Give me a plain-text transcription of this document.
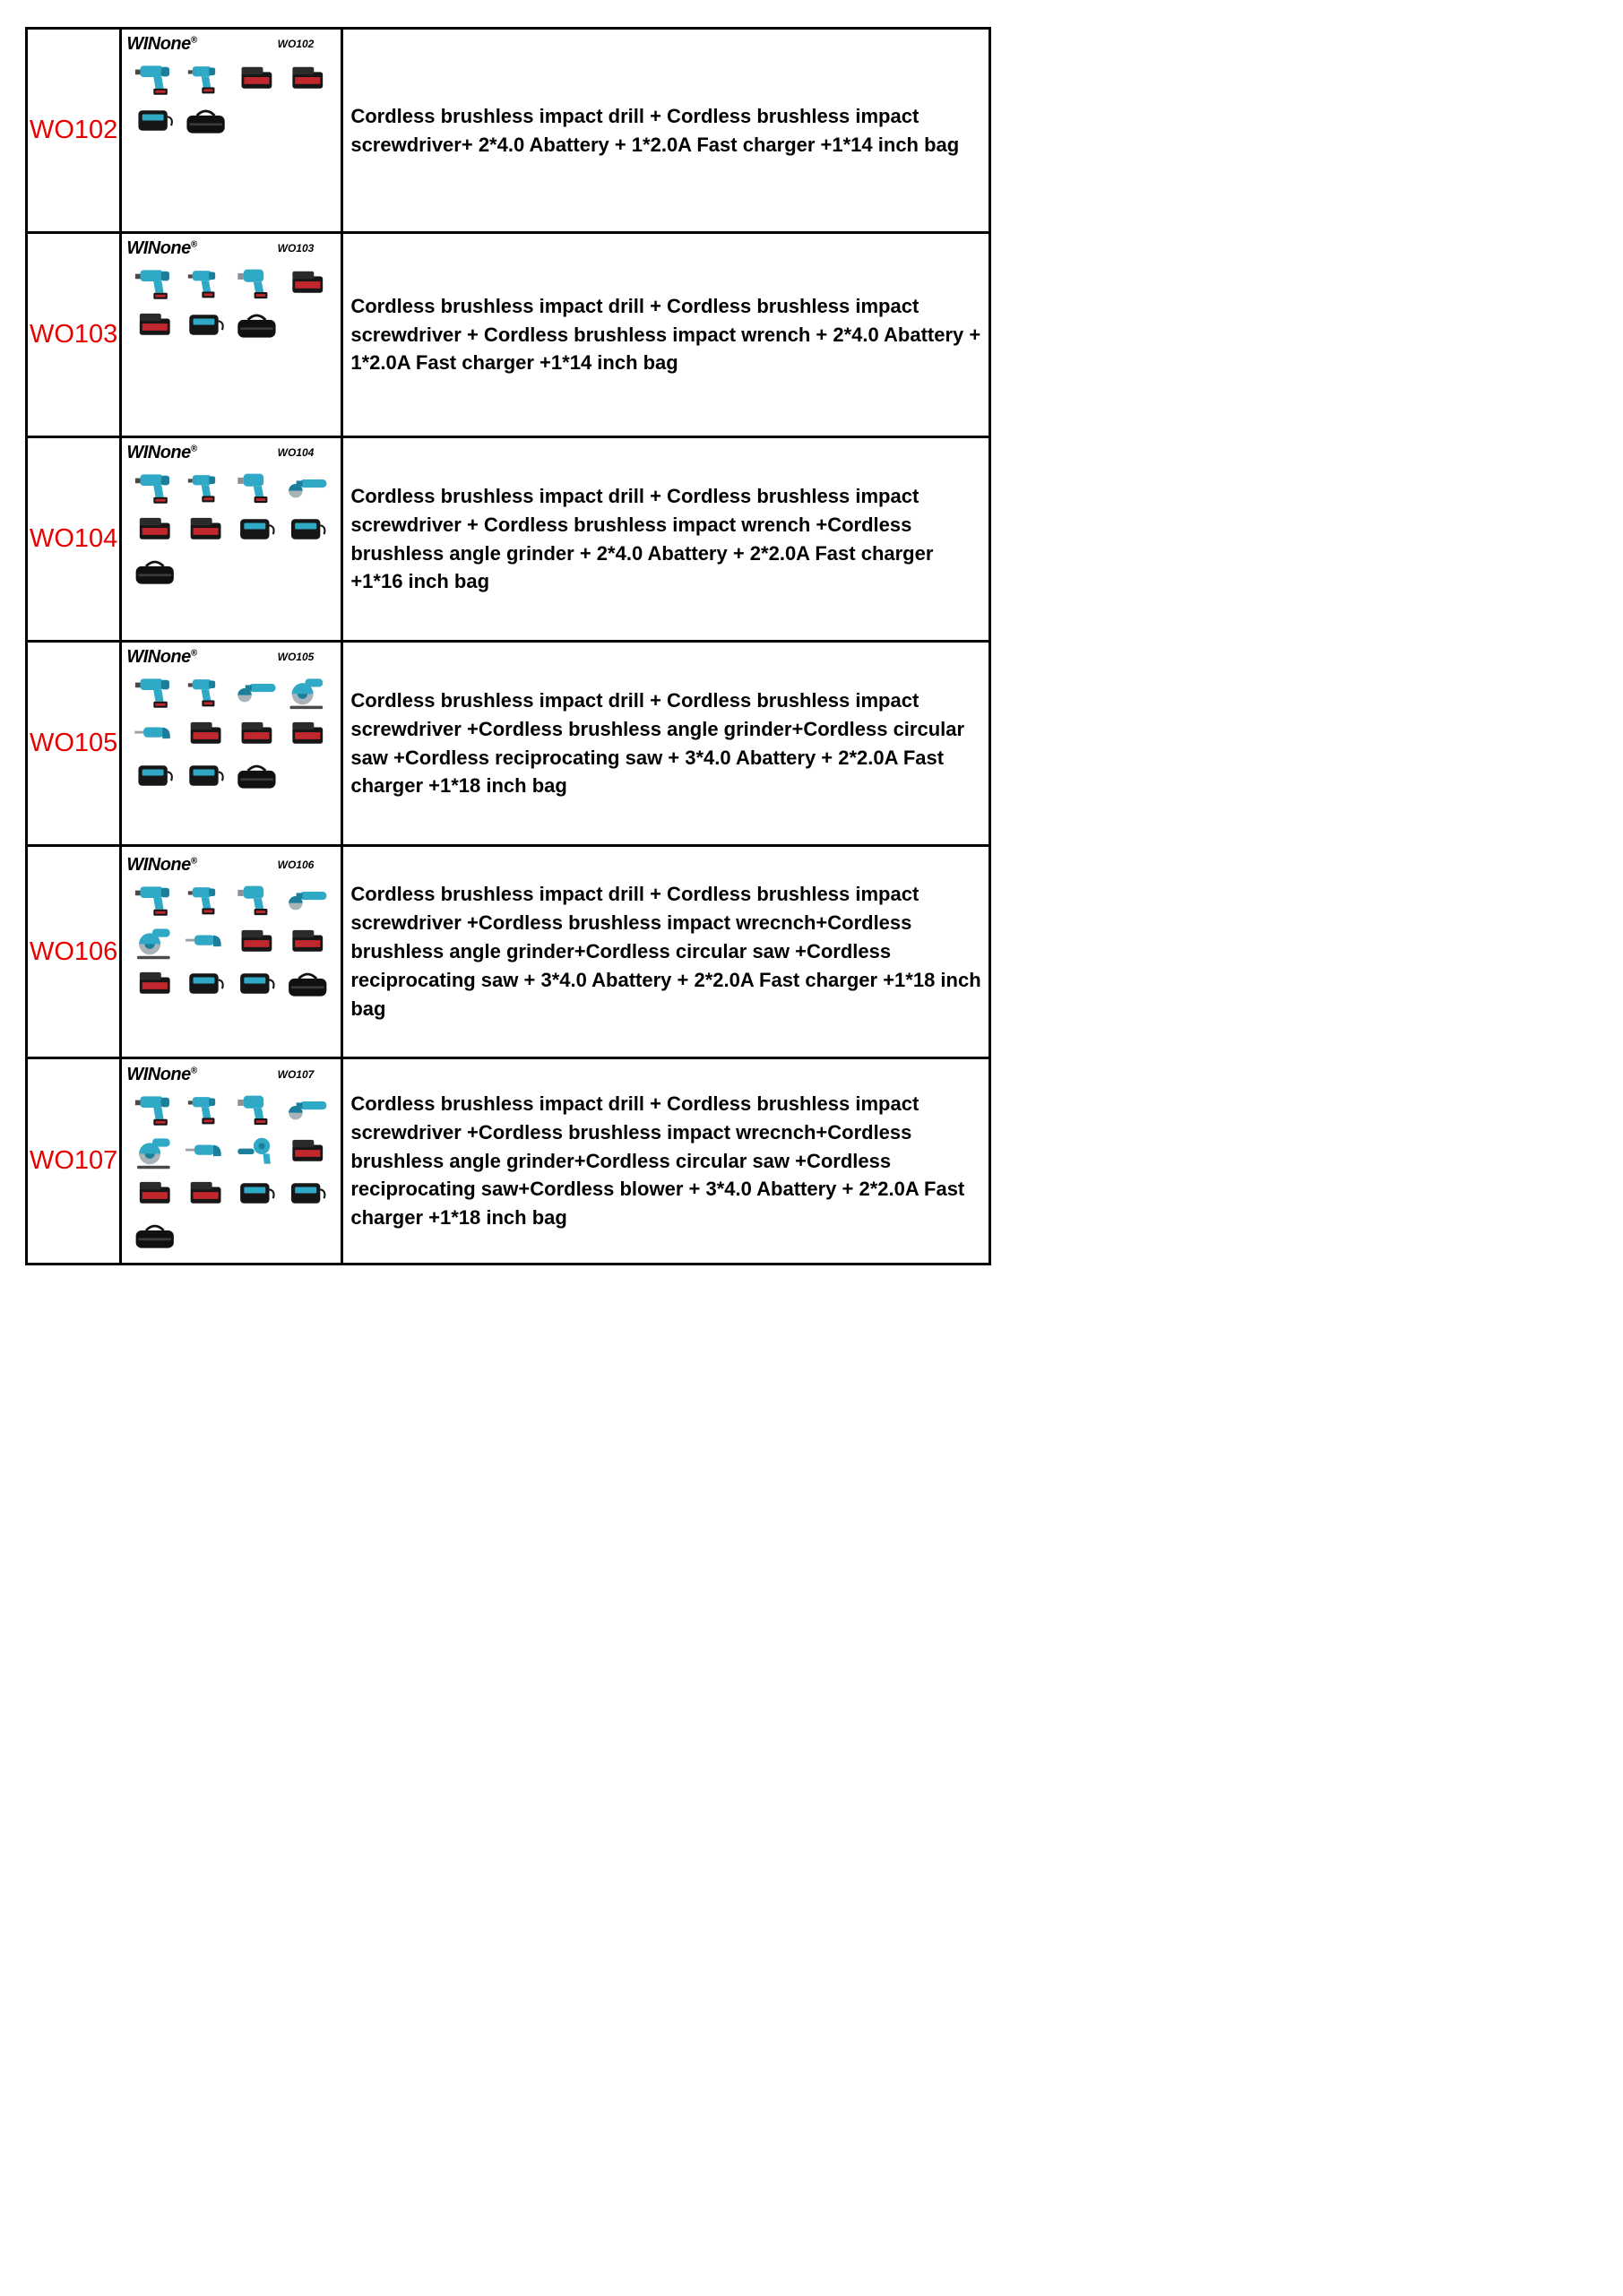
WO102	WINone® WO102	Cordless brushless impact drill + Cordless brushless impact screwdriver+ 2*4.0 Abattery + 1*2.0A Fast charger +1*14 inch bag
WO103	WINone® WO103	Cordless brushless impact drill + Cordless brushless impact screwdriver + Cordless brushless impact wrench + 2*4.0 Abattery + 1*2.0A Fast charger +1*14 inch bag
WO104	WINone® WO104	Cordless brushless impact drill + Cordless brushless impact screwdriver + Cordless brushless impact wrench +Cordless brushless angle grinder + 2*4.0 Abattery + 2*2.0A Fast charger +1*16 inch bag
WO105	WINone® WO105	Cordless brushless impact drill + Cordless brushless impact screwdriver +Cordless brushless angle grinder+Cordless circular saw +Cordless reciprocating saw + 3*4.0 Abattery + 2*2.0A Fast charger +1*18 inch bag
WO106	WINone® WO106	Cordless brushless impact drill + Cordless brushless impact screwdriver +Cordless brushless impact wrecnch+Cordless brushless angle grinder+Cordless circular saw +Cordless reciprocating saw + 3*4.0 Abattery + 2*2.0A Fast charger +1*18 inch bag
WO107	WINone® WO107	Cordless brushless impact drill + Cordless brushless impact screwdriver +Cordless brushless impact wrecnch+Cordless brushless angle grinder+Cordless circular saw +Cordless reciprocating saw+Cordless blower + 3*4.0 Abattery + 2*2.0A Fast charger +1*18 inch bag
